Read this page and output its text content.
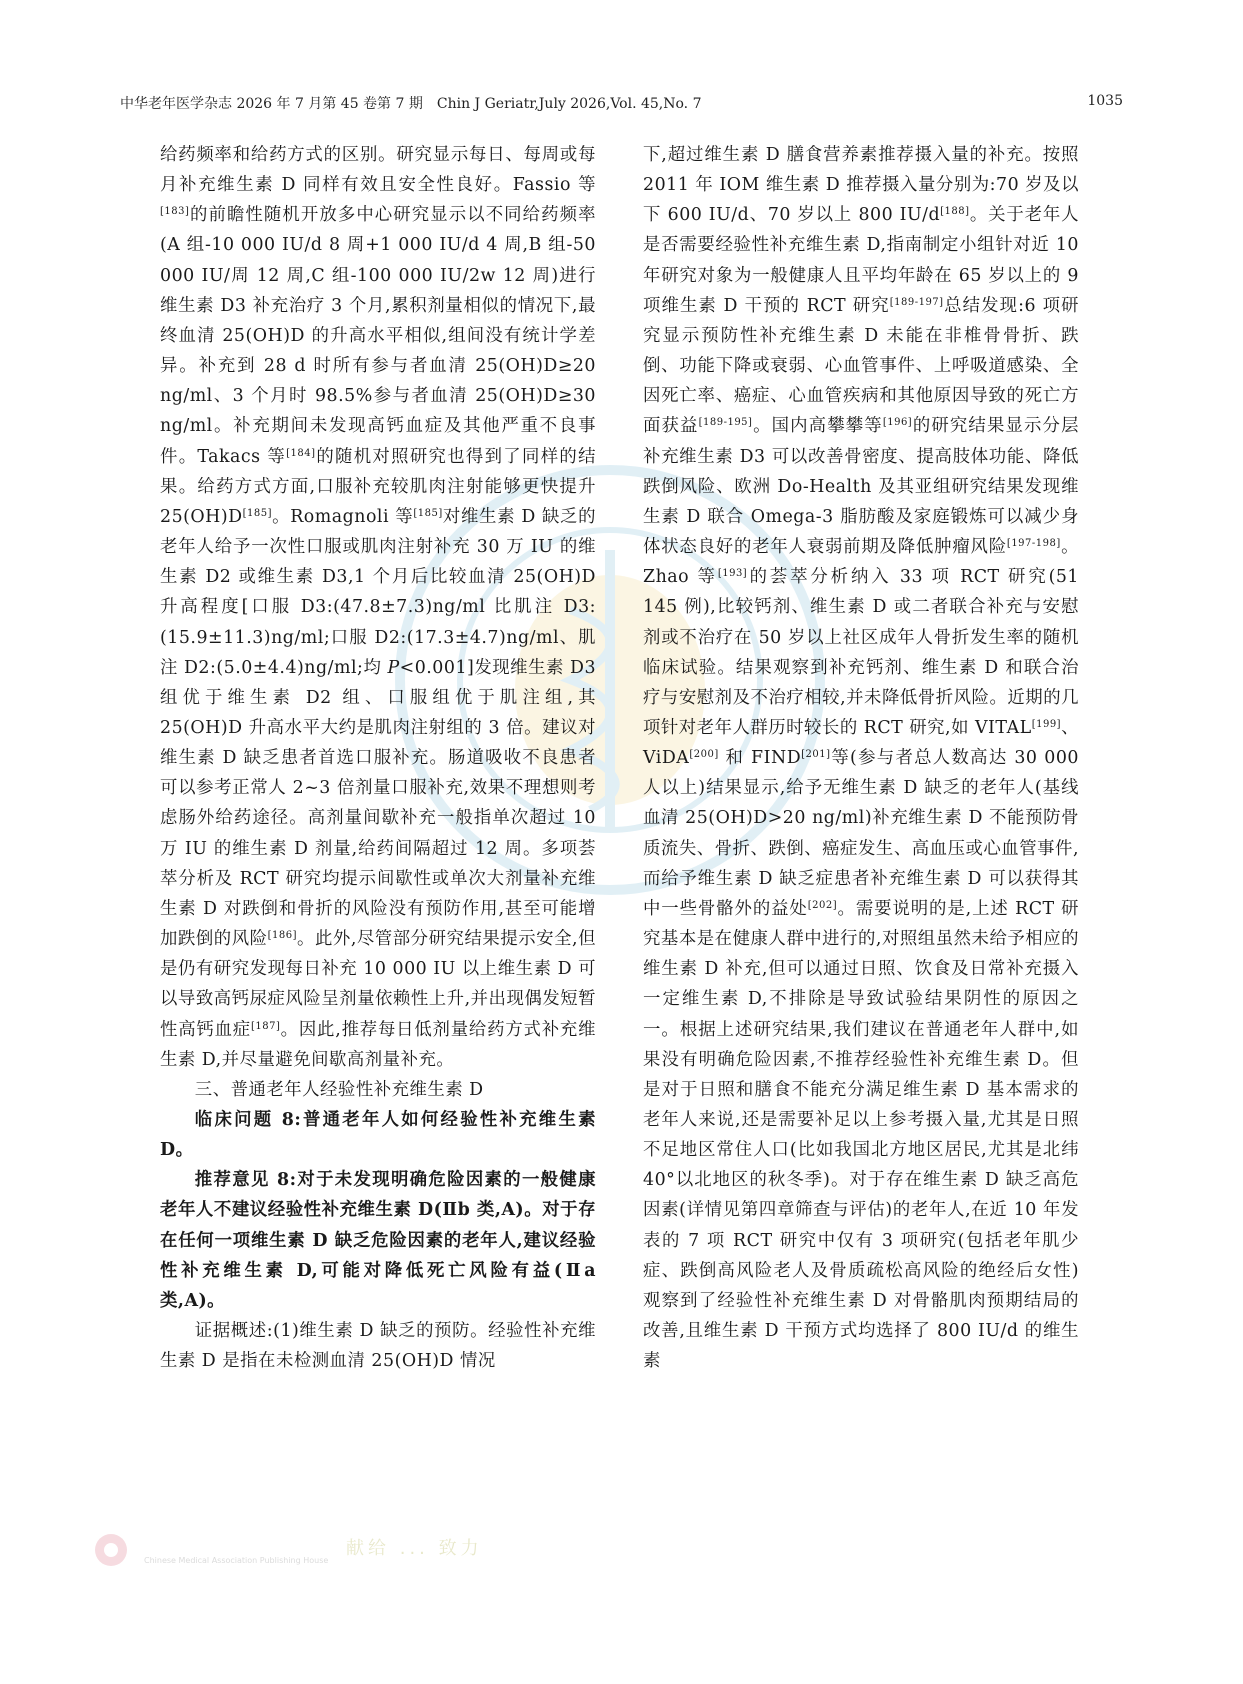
中华老年医学杂志 2026 年 7 月第 45 卷第 7 期　Chin J Geriatr,July 2026,Vol. 45,No. 7	1035

给药频率和给药方式的区别。研究显示每日、每周或每月补充维生素 D 同样有效且安全性良好。Fassio 等[183]的前瞻性随机开放多中心研究显示以不同给药频率(A 组-10 000 IU/d 8 周+1 000 IU/d 4 周,B 组-50 000 IU/周 12 周,C 组-100 000 IU/2w 12 周)进行维生素 D3 补充治疗 3 个月,累积剂量相似的情况下,最终血清 25(OH)D 的升高水平相似,组间没有统计学差异。补充到 28 d 时所有参与者血清 25(OH)D≥20 ng/ml、3 个月时 98.5%参与者血清 25(OH)D≥30 ng/ml。补充期间未发现高钙血症及其他严重不良事件。Takacs 等[184]的随机对照研究也得到了同样的结果。给药方式方面,口服补充较肌肉注射能够更快提升 25(OH)D[185]。Romagnoli 等[185]对维生素 D 缺乏的老年人给予一次性口服或肌肉注射补充 30 万 IU 的维生素 D2 或维生素 D3,1 个月后比较血清 25(OH)D 升高程度[口服 D3:(47.8±7.3)ng/ml 比肌注 D3:(15.9±11.3)ng/ml;口服 D2:(17.3±4.7)ng/ml、肌注 D2:(5.0±4.4)ng/ml;均 P<0.001]发现维生素 D3 组优于维生素 D2 组、口服组优于肌注组,其 25(OH)D 升高水平大约是肌肉注射组的 3 倍。建议对维生素 D 缺乏患者首选口服补充。肠道吸收不良患者可以参考正常人 2~3 倍剂量口服补充,效果不理想则考虑肠外给药途径。高剂量间歇补充一般指单次超过 10 万 IU 的维生素 D 剂量,给药间隔超过 12 周。多项荟萃分析及 RCT 研究均提示间歇性或单次大剂量补充维生素 D 对跌倒和骨折的风险没有预防作用,甚至可能增加跌倒的风险[186]。此外,尽管部分研究结果提示安全,但是仍有研究发现每日补充 10 000 IU 以上维生素 D 可以导致高钙尿症风险呈剂量依赖性上升,并出现偶发短暂性高钙血症[187]。因此,推荐每日低剂量给药方式补充维生素 D,并尽量避免间歇高剂量补充。

三、普通老年人经验性补充维生素 D

临床问题 8:普通老年人如何经验性补充维生素 D。

推荐意见 8:对于未发现明确危险因素的一般健康老年人不建议经验性补充维生素 D(Ⅱb 类,A)。对于存在任何一项维生素 D 缺乏危险因素的老年人,建议经验性补充维生素 D,可能对降低死亡风险有益(Ⅱa 类,A)。

证据概述:(1)维生素 D 缺乏的预防。经验性补充维生素 D 是指在未检测血清 25(OH)D 情况

下,超过维生素 D 膳食营养素推荐摄入量的补充。按照 2011 年 IOM 维生素 D 推荐摄入量分别为:70 岁及以下 600 IU/d、70 岁以上 800 IU/d[188]。关于老年人是否需要经验性补充维生素 D,指南制定小组针对近 10 年研究对象为一般健康人且平均年龄在 65 岁以上的 9 项维生素 D 干预的 RCT 研究[189-197]总结发现:6 项研究显示预防性补充维生素 D 未能在非椎骨骨折、跌倒、功能下降或衰弱、心血管事件、上呼吸道感染、全因死亡率、癌症、心血管疾病和其他原因导致的死亡方面获益[189-195]。国内高攀攀等[196]的研究结果显示分层补充维生素 D3 可以改善骨密度、提高肢体功能、降低跌倒风险、欧洲 Do-Health 及其亚组研究结果发现维生素 D 联合 Omega-3 脂肪酸及家庭锻炼可以减少身体状态良好的老年人衰弱前期及降低肿瘤风险[197-198]。Zhao 等[193]的荟萃分析纳入 33 项 RCT 研究(51 145 例),比较钙剂、维生素 D 或二者联合补充与安慰剂或不治疗在 50 岁以上社区成年人骨折发生率的随机临床试验。结果观察到补充钙剂、维生素 D 和联合治疗与安慰剂及不治疗相较,并未降低骨折风险。近期的几项针对老年人群历时较长的 RCT 研究,如 VITAL[199]、ViDA[200] 和 FIND[201]等(参与者总人数高达 30 000 人以上)结果显示,给予无维生素 D 缺乏的老年人(基线血清 25(OH)D>20 ng/ml)补充维生素 D 不能预防骨质流失、骨折、跌倒、癌症发生、高血压或心血管事件,而给予维生素 D 缺乏症患者补充维生素 D 可以获得其中一些骨骼外的益处[202]。需要说明的是,上述 RCT 研究基本是在健康人群中进行的,对照组虽然未给予相应的维生素 D 补充,但可以通过日照、饮食及日常补充摄入一定维生素 D,不排除是导致试验结果阴性的原因之一。根据上述研究结果,我们建议在普通老年人群中,如果没有明确危险因素,不推荐经验性补充维生素 D。但是对于日照和膳食不能充分满足维生素 D 基本需求的老年人来说,还是需要补足以上参考摄入量,尤其是日照不足地区常住人口(比如我国北方地区居民,尤其是北纬 40°以北地区的秋冬季)。对于存在维生素 D 缺乏高危因素(详情见第四章筛查与评估)的老年人,在近 10 年发表的 7 项 RCT 研究中仅有 3 项研究(包括老年肌少症、跌倒高风险老人及骨质疏松高风险的绝经后女性)观察到了经验性补充维生素 D 对骨骼肌肉预期结局的改善,且维生素 D 干预方式均选择了 800 IU/d 的维生素

Chinese Medical Association Publishing House
献给 ... 致力
